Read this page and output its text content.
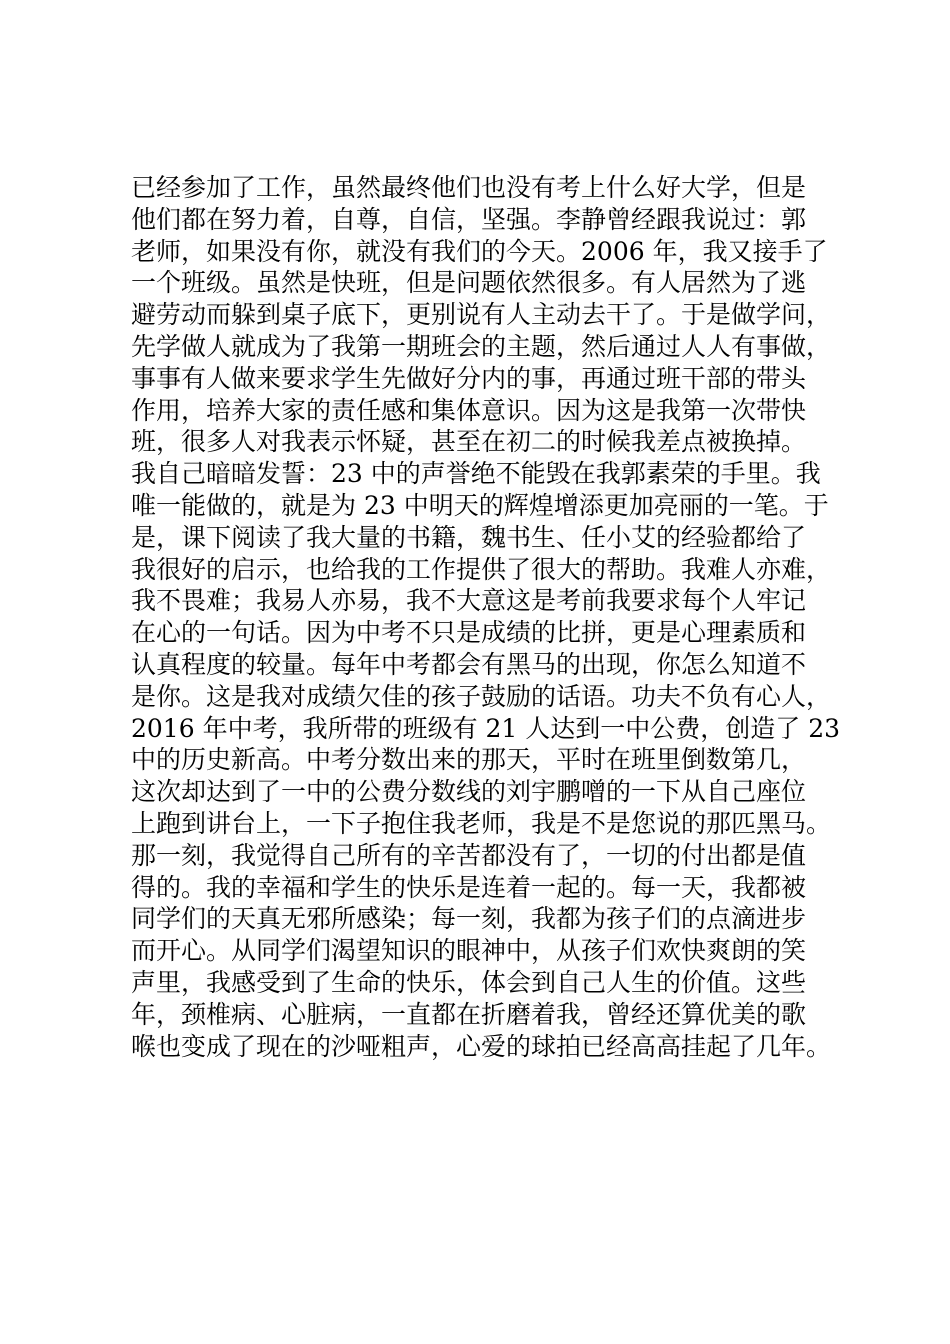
已经参加了工作，虽然最终他们也没有考上什么好大学，但是
他们都在努力着，自尊，自信，坚强。李静曾经跟我说过：郭
老师，如果没有你，就没有我们的今天。2006 年，我又接手了
一个班级。虽然是快班，但是问题依然很多。有人居然为了逃
避劳动而躲到桌子底下，更别说有人主动去干了。于是做学问，
先学做人就成为了我第一期班会的主题，然后通过人人有事做，
事事有人做来要求学生先做好分内的事，再通过班干部的带头
作用，培养大家的责任感和集体意识。因为这是我第一次带快
班，很多人对我表示怀疑，甚至在初二的时候我差点被换掉。
我自己暗暗发誓：23 中的声誉绝不能毁在我郭素荣的手里。我
唯一能做的，就是为 23 中明天的辉煌增添更加亮丽的一笔。于
是，课下阅读了我大量的书籍，魏书生、任小艾的经验都给了
我很好的启示，也给我的工作提供了很大的帮助。我难人亦难，
我不畏难；我易人亦易，我不大意这是考前我要求每个人牢记
在心的一句话。因为中考不只是成绩的比拼，更是心理素质和
认真程度的较量。每年中考都会有黑马的出现，你怎么知道不
是你。这是我对成绩欠佳的孩子鼓励的话语。功夫不负有心人，
2016 年中考，我所带的班级有 21 人达到一中公费，创造了 23
中的历史新高。中考分数出来的那天，平时在班里倒数第几，
这次却达到了一中的公费分数线的刘宇鹏噌的一下从自己座位
上跑到讲台上，一下子抱住我老师，我是不是您说的那匹黑马。
那一刻，我觉得自己所有的辛苦都没有了，一切的付出都是值
得的。我的幸福和学生的快乐是连着一起的。每一天，我都被
同学们的天真无邪所感染；每一刻，我都为孩子们的点滴进步
而开心。从同学们渴望知识的眼神中，从孩子们欢快爽朗的笑
声里，我感受到了生命的快乐，体会到自己人生的价值。这些
年，颈椎病、心脏病，一直都在折磨着我，曾经还算优美的歌
喉也变成了现在的沙哑粗声，心爱的球拍已经高高挂起了几年。
